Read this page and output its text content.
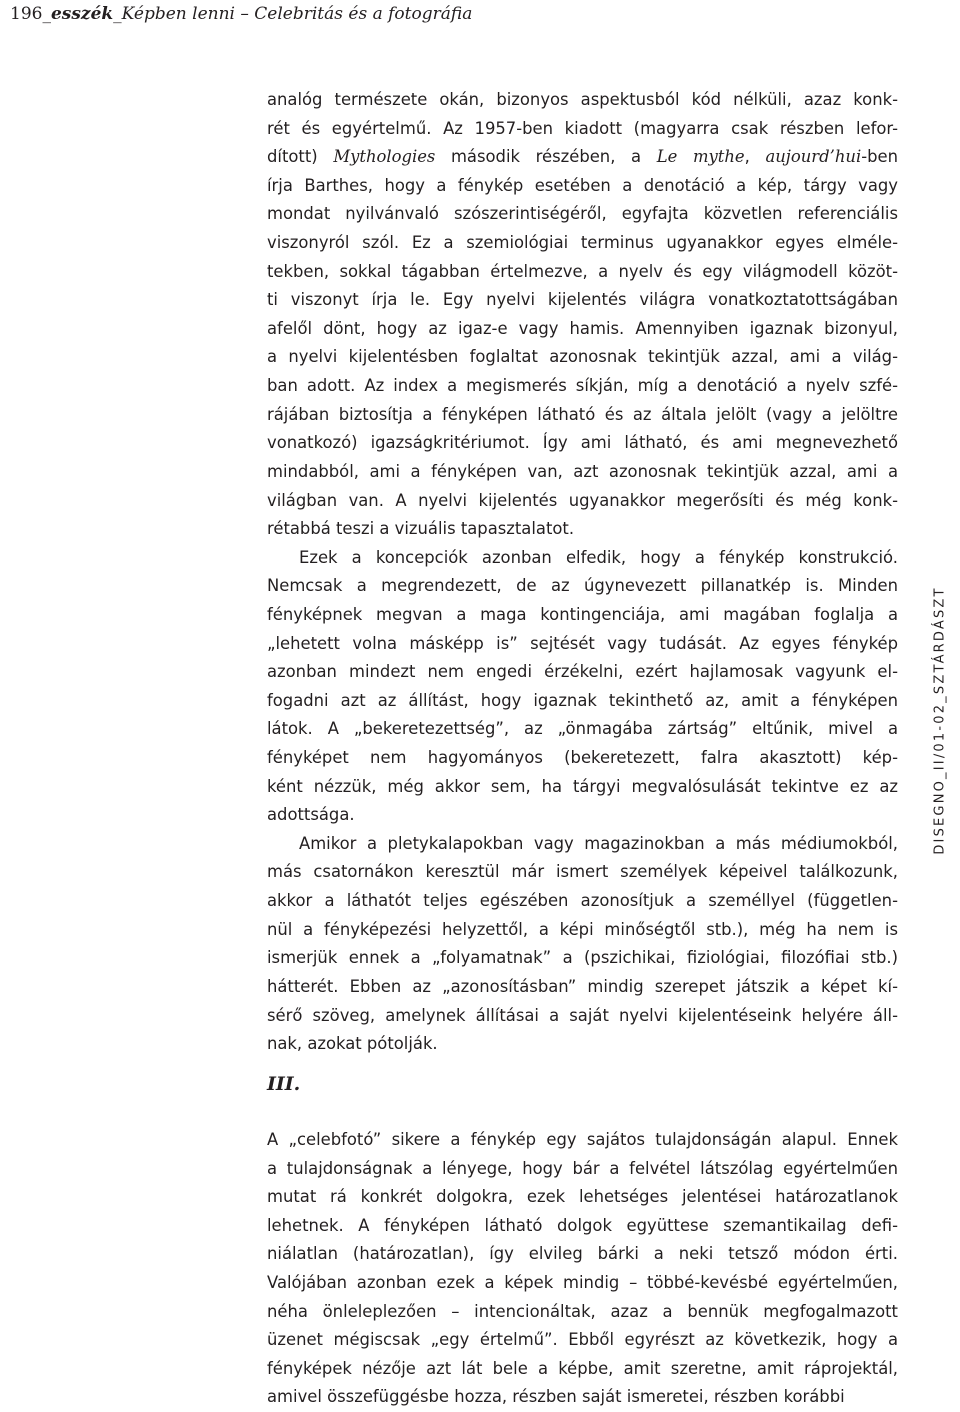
196_esszék_Képben lenni – Celebritás és a fotográfia
analóg természete okán, bizonyos aspektusból kód nélküli, azaz konk-
rét és egyértelmű. Az 1957-ben kiadott (magyarra csak részben lefor-
dított) Mythologies második részében, a Le mythe, aujourd’hui-ben
írja Barthes, hogy a fénykép esetében a denotáció a kép, tárgy vagy
mondat nyilvánvaló szószerintiségéről, egyfajta közvetlen referenciális
viszonyról szól. Ez a szemiológiai terminus ugyanakkor egyes elméle-
tekben, sokkal tágabban értelmezve, a nyelv és egy világmodell közöt-
ti viszonyt írja le. Egy nyelvi kijelentés világra vonatkoztatottságában
afelől dönt, hogy az igaz-e vagy hamis. Amennyiben igaznak bizonyul,
a nyelvi kijelentésben foglaltat azonosnak tekintjük azzal, ami a világ-
ban adott. Az index a megismerés síkján, míg a denotáció a nyelv szfé-
rájában biztosítja a fényképen látható és az általa jelölt (vagy a jelöltre
vonatkozó) igazságkritériumot. Így ami látható, és ami megnevezhető
mindabból, ami a fényképen van, azt azonosnak tekintjük azzal, ami a
világban van. A nyelvi kijelentés ugyanakkor megerősíti és még konk-
rétabbá teszi a vizuális tapasztalatot.
Ezek a koncepciók azonban elfedik, hogy a fénykép konstrukció.
Nemcsak a megrendezett, de az úgynevezett pillanatkép is. Minden
fényképnek megvan a maga kontingenciája, ami magában foglalja a
„lehetett volna másképp is” sejtését vagy tudását. Az egyes fénykép
azonban mindezt nem engedi érzékelni, ezért hajlamosak vagyunk el-
fogadni azt az állítást, hogy igaznak tekinthető az, amit a fényképen
látok. A „bekeretezettség”, az „önmagába zártság” eltűnik, mivel a
fényképet nem hagyományos (bekeretezett, falra akasztott) kép-
ként nézzük, még akkor sem, ha tárgyi megvalósulását tekintve ez az
adottsága.
Amikor a pletykalapokban vagy magazinokban a más médiumokból,
más csatornákon keresztül már ismert személyek képeivel találkozunk,
akkor a láthatót teljes egészében azonosítjuk a személlyel (független-
nül a fényképezési helyzettől, a képi minőségtől stb.), még ha nem is
ismerjük ennek a „folyamatnak” a (pszichikai, fiziológiai, filozófiai stb.)
hátterét. Ebben az „azonosításban” mindig szerepet játszik a képet kí-
sérő szöveg, amelynek állításai a saját nyelvi kijelentéseink helyére áll-
nak, azokat pótolják.
III.
A „celebfotó” sikere a fénykép egy sajátos tulajdonságán alapul. Ennek
a tulajdonságnak a lényege, hogy bár a felvétel látszólag egyértelműen
mutat rá konkrét dolgokra, ezek lehetséges jelentései határozatlanok
lehetnek. A fényképen látható dolgok együttese szemantikailag defi-
niálatlan (határozatlan), így elvileg bárki a neki tetsző módon érti.
Valójában azonban ezek a képek mindig – többé-kevésbé egyértelműen,
néha önleleplezően – intencionáltak, azaz a bennük megfogalmazott
üzenet mégiscsak „egy értelmű”. Ebből egyrészt az következik, hogy a
fényképek nézője azt lát bele a képbe, amit szeretne, amit ráprojektál,
amivel összefüggésbe hozza, részben saját ismeretei, részben korábbi
DISEGNO_II/01-02_SZTÁRDÁSZT
